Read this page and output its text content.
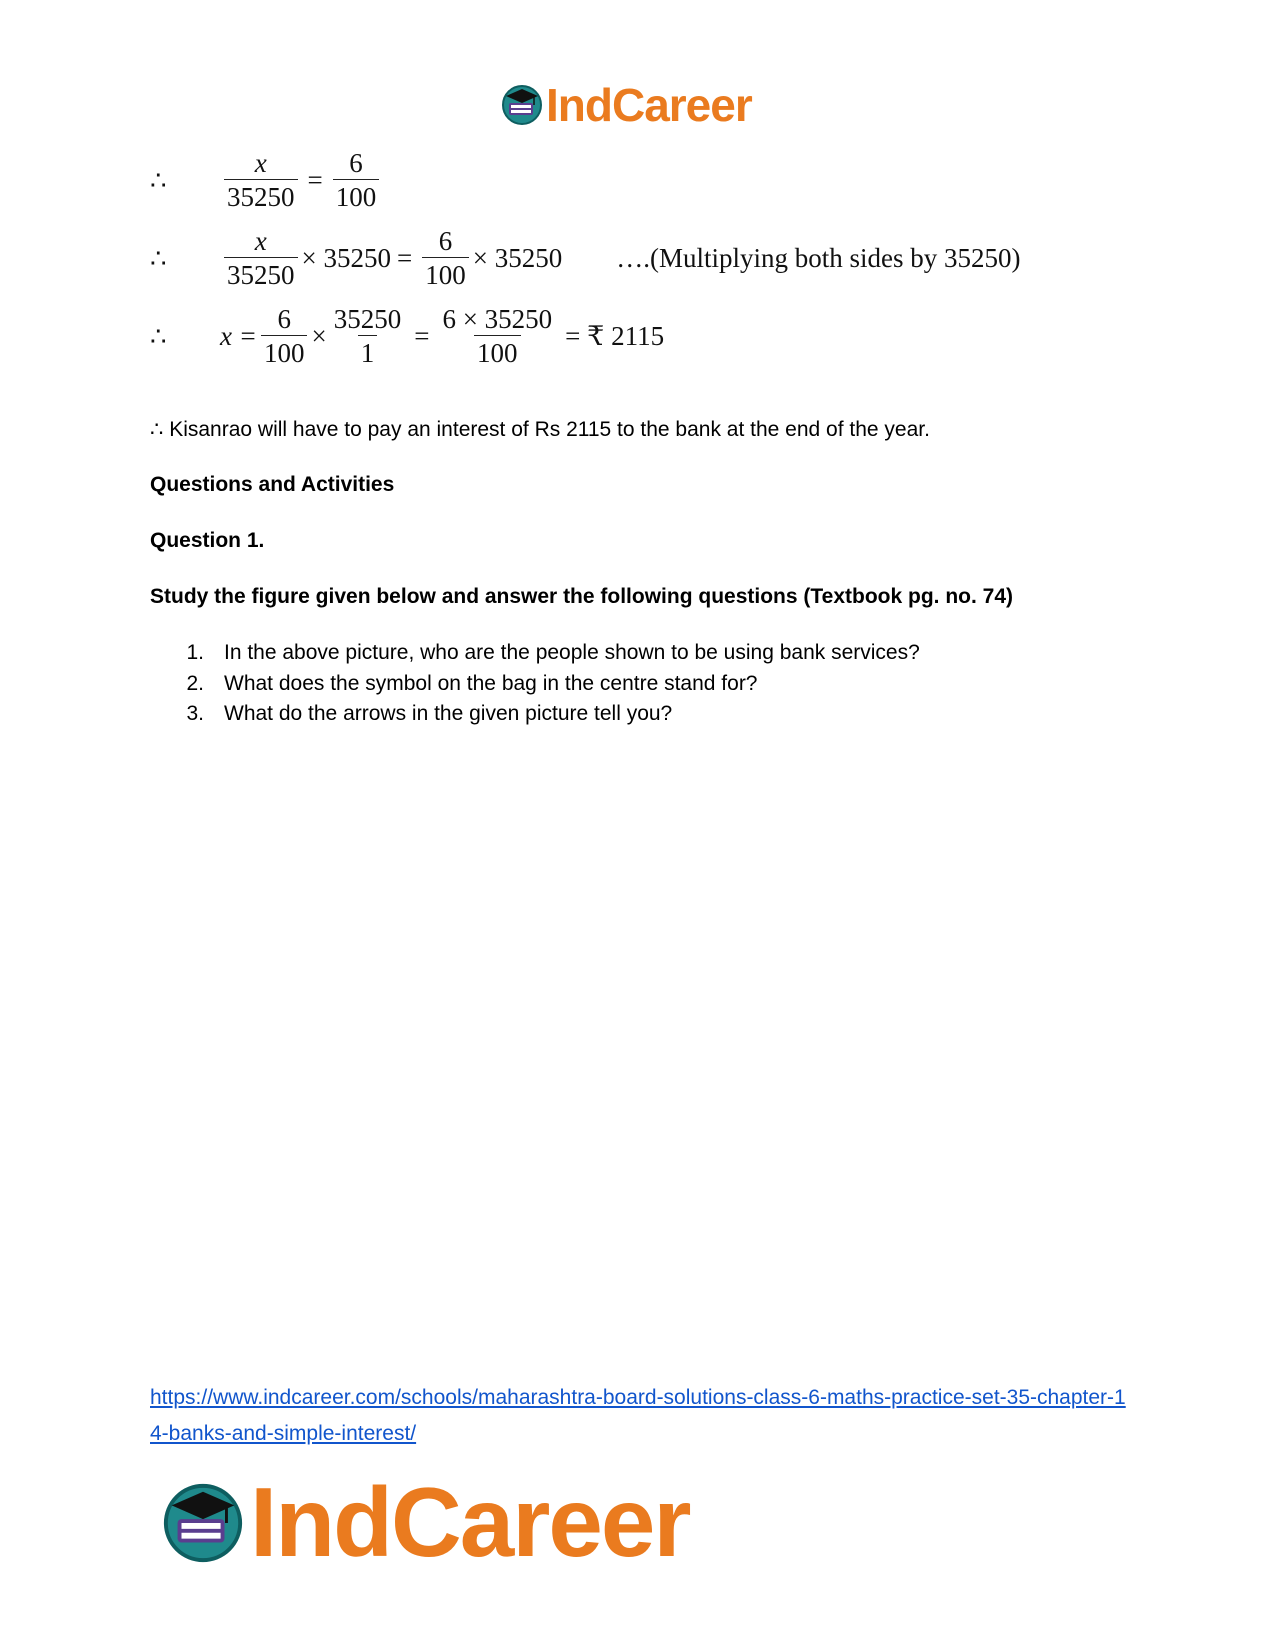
IndCareer
∴	$\frac{x}{35250} = \frac{6}{100}$
∴	$\frac{x}{35250} \times 35250 = \frac{6}{100} \times 35250$ ….(Multiplying both sides by 35250)
∴	$x = \frac{6}{100} \times \frac{35250}{1} = \frac{6 \times 35250}{100}$ = ₹ 2115
∴ Kisanrao will have to pay an interest of Rs 2115 to the bank at the end of the year.
Questions and Activities
Question 1.
Study the figure given below and answer the following questions (Textbook pg. no. 74)
1. In the above picture, who are the people shown to be using bank services?
2. What does the symbol on the bag in the centre stand for?
3. What do the arrows in the given picture tell you?
https://www.indcareer.com/schools/maharashtra-board-solutions-class-6-maths-practice-set-35-chapter-14-banks-and-simple-interest/
IndCareer
